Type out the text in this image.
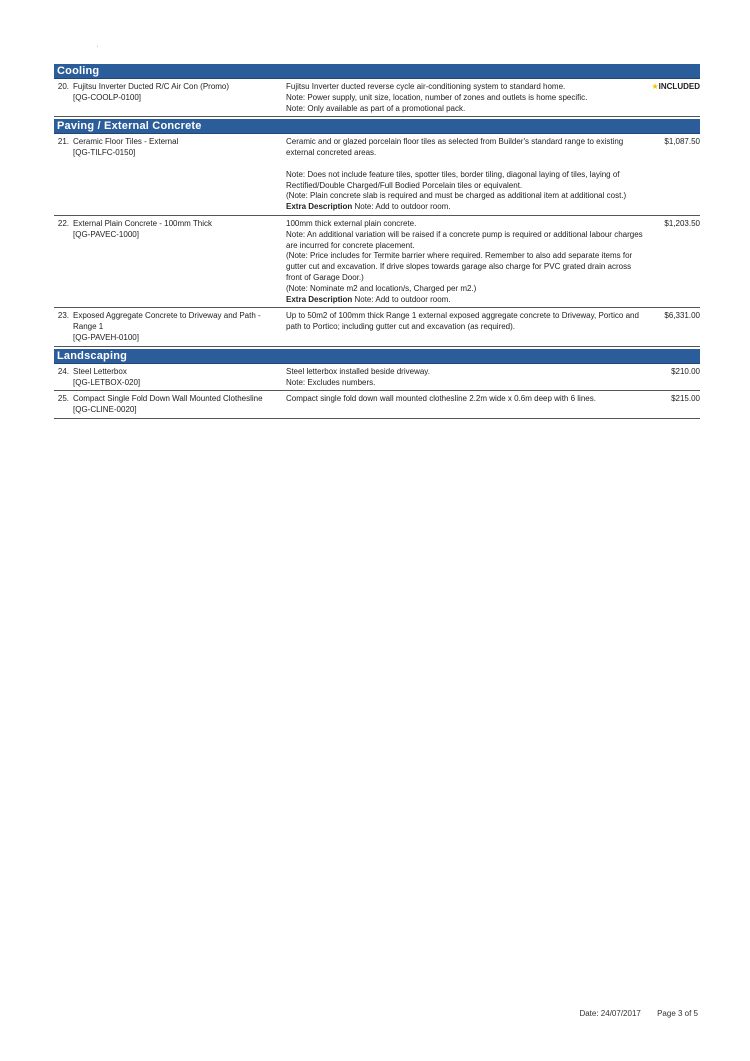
'
Cooling
20. Fujitsu Inverter Ducted R/C Air Con (Promo)
[QG-COOLP-0100]
Fujitsu Inverter ducted reverse cycle air-conditioning system to standard home.
Note: Power supply, unit size, location, number of zones and outlets is home specific.
Note: Only available as part of a promotional pack.
★INCLUDED
Paving / External Concrete
21. Ceramic Floor Tiles - External
[QG-TILFC-0150]
Ceramic and or glazed porcelain floor tiles as selected from Builder's standard range to existing external concreted areas.
Note: Does not include feature tiles, spotter tiles, border tiling, diagonal laying of tiles, laying of Rectified/Double Charged/Full Bodied Porcelain tiles or equivalent.
(Note: Plain concrete slab is required and must be charged as additional item at additional cost.)
Extra Description Note: Add to outdoor room.
$1,087.50
22. External Plain Concrete - 100mm Thick
[QG-PAVEC-1000]
100mm thick external plain concrete.
Note: An additional variation will be raised if a concrete pump is required or additional labour charges are incurred for concrete placement.
(Note: Price includes for Termite barrier where required. Remember to also add separate items for gutter cut and excavation. If drive slopes towards garage also charge for PVC grated drain across front of Garage Door.)
(Note: Nominate m2 and location/s, Charged per m2.)
Extra Description Note: Add to outdoor room.
$1,203.50
23. Exposed Aggregate Concrete to Driveway and Path - Range 1
[QG-PAVEH-0100]
Up to 50m2 of 100mm thick Range 1 external exposed aggregate concrete to Driveway, Portico and path to Portico; including gutter cut and excavation (as required).
$6,331.00
Landscaping
24. Steel Letterbox
[QG-LETBOX-020]
Steel letterbox installed beside driveway.
Note: Excludes numbers.
$210.00
25. Compact Single Fold Down Wall Mounted Clothesline
[QG-CLINE-0020]
Compact single fold down wall mounted clothesline 2.2m wide x 0.6m deep with 6 lines.	$215.00
Date: 24/07/2017 Page 3 of 5
